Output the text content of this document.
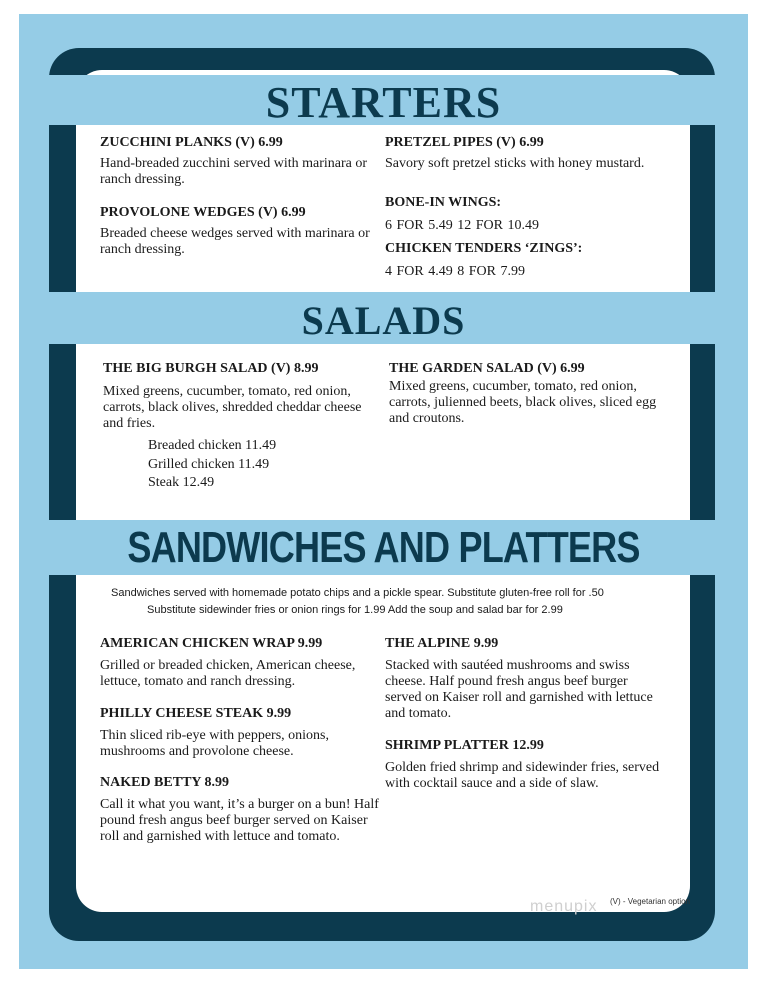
STARTERS
ZUCCHINI PLANKS (V) 6.99
Hand-breaded zucchini served with marinara or ranch dressing.
PROVOLONE WEDGES (V) 6.99
Breaded cheese wedges served with marinara or ranch dressing.
PRETZEL PIPES (V) 6.99
Savory soft pretzel sticks with honey mustard.
BONE-IN WINGS:
6 FOR 5.49 12 FOR 10.49
CHICKEN TENDERS ‘ZINGS’:
4 FOR 4.49 8 FOR 7.99
SALADS
THE BIG BURGH SALAD (V) 8.99
Mixed greens, cucumber, tomato, red onion, carrots, black olives, shredded cheddar cheese and fries.
Breaded chicken 11.49
Grilled chicken 11.49
Steak 12.49
THE GARDEN SALAD (V) 6.99
Mixed greens, cucumber, tomato, red onion, carrots, julienned beets, black olives, sliced egg and croutons.
SANDWICHES AND PLATTERS
Sandwiches served with homemade potato chips and a pickle spear. Substitute gluten-free roll for .50
Substitute sidewinder fries or onion rings for 1.99 Add the soup and salad bar for 2.99
AMERICAN CHICKEN WRAP 9.99
Grilled or breaded chicken, American cheese, lettuce, tomato and ranch dressing.
PHILLY CHEESE STEAK 9.99
Thin sliced rib-eye with peppers, onions, mushrooms and provolone cheese.
NAKED BETTY 8.99
Call it what you want, it’s a burger on a bun! Half pound fresh angus beef burger served on Kaiser roll and garnished with lettuce and tomato.
THE ALPINE 9.99
Stacked with sautéed mushrooms and swiss cheese. Half pound fresh angus beef burger served on Kaiser roll and garnished with lettuce and tomato.
SHRIMP PLATTER 12.99
Golden fried shrimp and sidewinder fries, served with cocktail sauce and a side of slaw.
menupix (V) - Vegetarian option
